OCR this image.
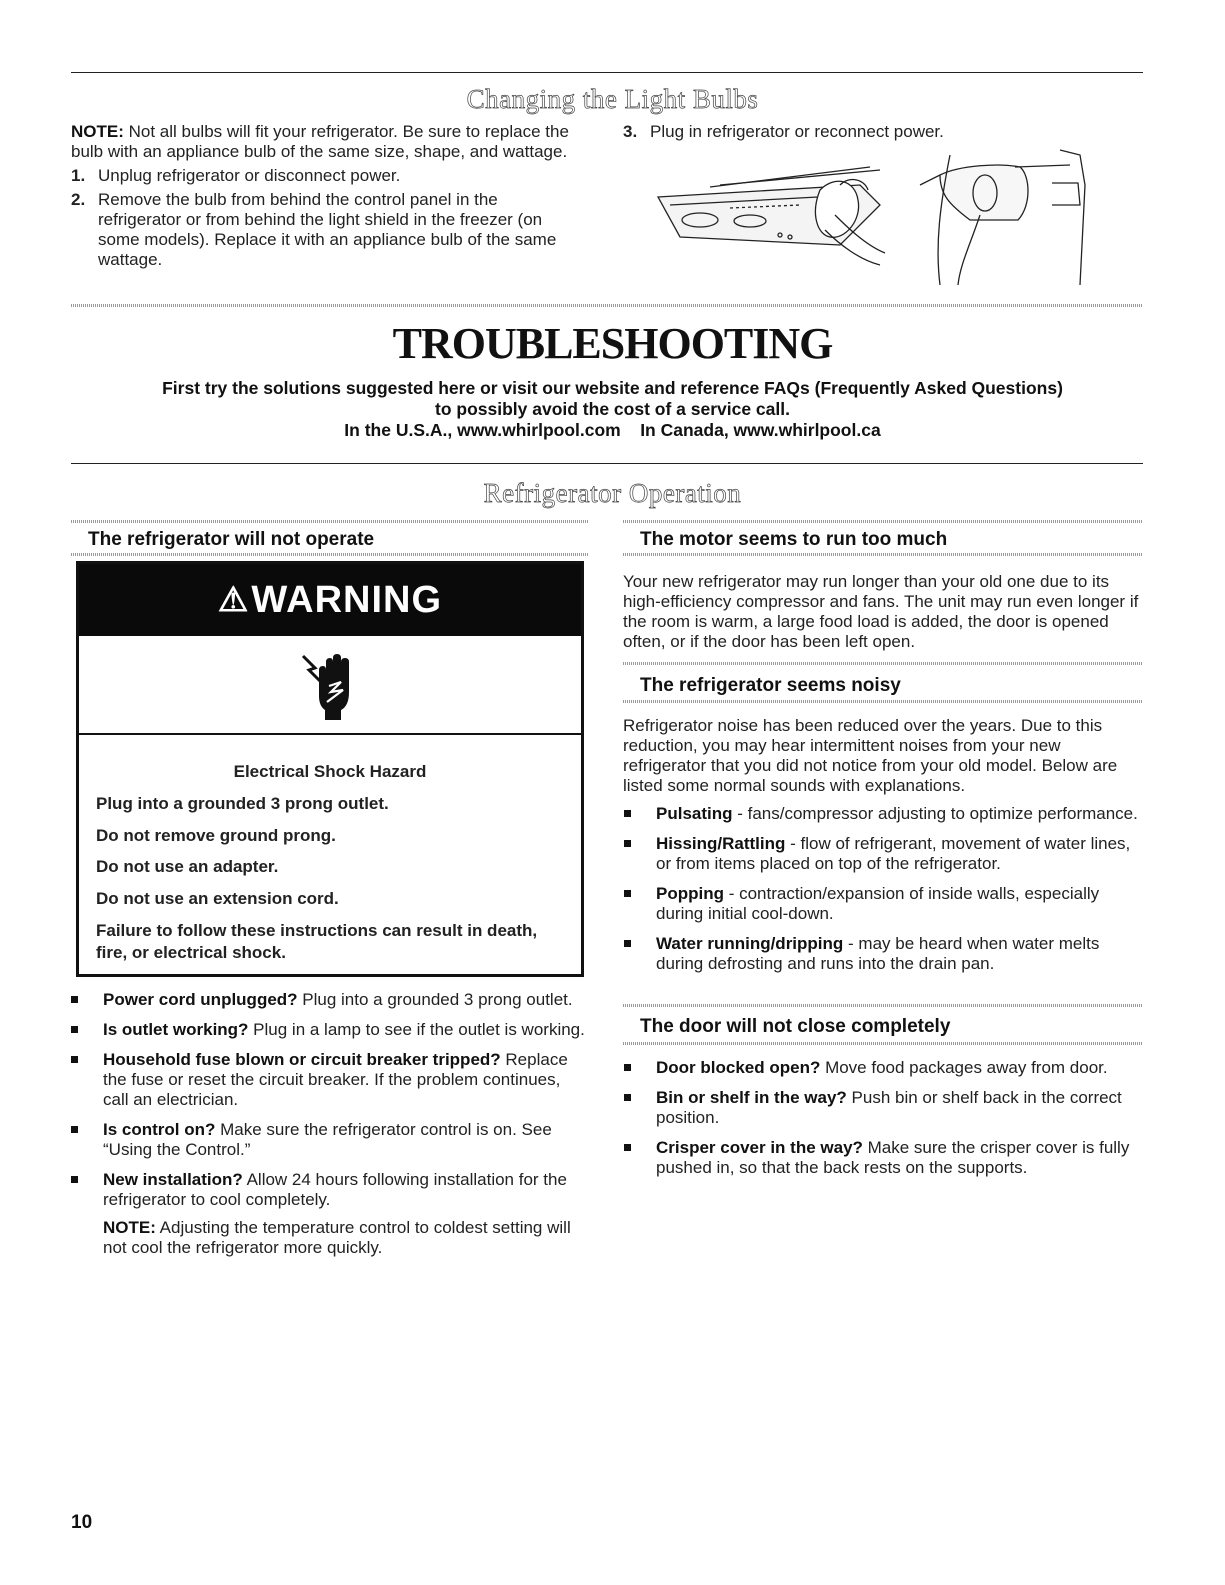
Changing the Light Bulbs
NOTE: Not all bulbs will fit your refrigerator. Be sure to replace the bulb with an appliance bulb of the same size, shape, and wattage.
1. Unplug refrigerator or disconnect power.
2. Remove the bulb from behind the control panel in the refrigerator or from behind the light shield in the freezer (on some models). Replace it with an appliance bulb of the same wattage.
3. Plug in refrigerator or reconnect power.
TROUBLESHOOTING
First try the solutions suggested here or visit our website and reference FAQs (Frequently Asked Questions)
to possibly avoid the cost of a service call.
In the U.S.A., www.whirlpool.com    In Canada, www.whirlpool.ca
Refrigerator Operation
The refrigerator will not operate
⚠WARNING
Electrical Shock Hazard
Plug into a grounded 3 prong outlet.
Do not remove ground prong.
Do not use an adapter.
Do not use an extension cord.
Failure to follow these instructions can result in death,
fire, or electrical shock.
Power cord unplugged? Plug into a grounded 3 prong outlet.
Is outlet working? Plug in a lamp to see if the outlet is working.
Household fuse blown or circuit breaker tripped? Replace the fuse or reset the circuit breaker. If the problem continues, call an electrician.
Is control on? Make sure the refrigerator control is on. See “Using the Control.”
New installation? Allow 24 hours following installation for the refrigerator to cool completely.
NOTE: Adjusting the temperature control to coldest setting will not cool the refrigerator more quickly.
The motor seems to run too much
Your new refrigerator may run longer than your old one due to its high-efficiency compressor and fans. The unit may run even longer if the room is warm, a large food load is added, the door is opened often, or if the door has been left open.
The refrigerator seems noisy
Refrigerator noise has been reduced over the years. Due to this reduction, you may hear intermittent noises from your new refrigerator that you did not notice from your old model. Below are listed some normal sounds with explanations.
Pulsating - fans/compressor adjusting to optimize performance.
Hissing/Rattling - flow of refrigerant, movement of water lines, or from items placed on top of the refrigerator.
Popping - contraction/expansion of inside walls, especially during initial cool-down.
Water running/dripping - may be heard when water melts during defrosting and runs into the drain pan.
The door will not close completely
Door blocked open? Move food packages away from door.
Bin or shelf in the way? Push bin or shelf back in the correct position.
Crisper cover in the way? Make sure the crisper cover is fully pushed in, so that the back rests on the supports.
10
